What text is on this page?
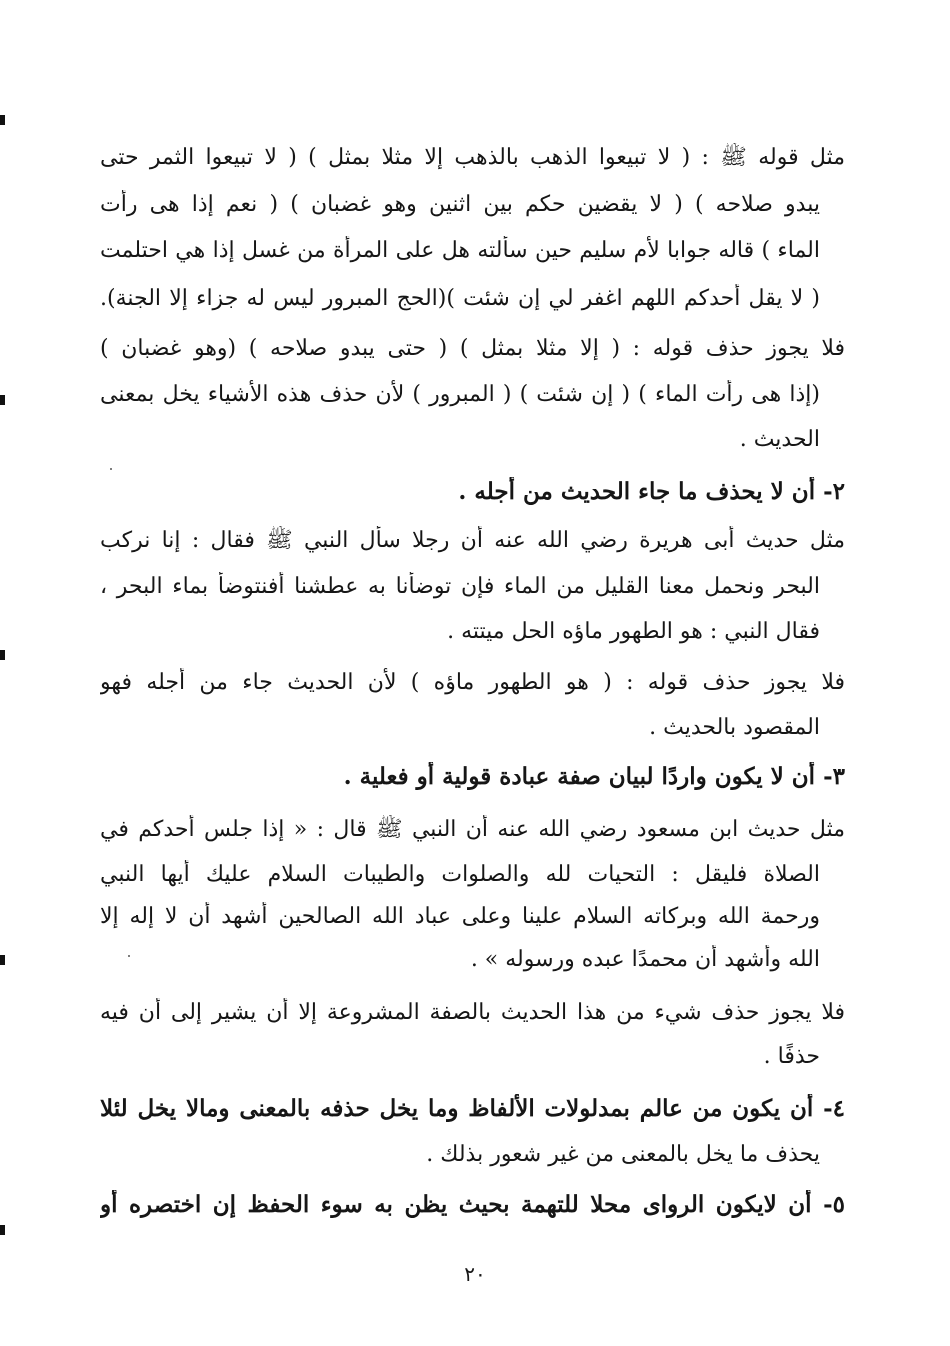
مثل قوله ﷺ : ( لا تبيعوا الذهب بالذهب إلا مثلا بمثل ) ( لا تبيعوا الثمر حتى
يبدو صلاحه ) ( لا يقضين حكم بين اثنين وهو غضبان ) ( نعم إذا هى رأت
الماء ) قاله جوابا لأم سليم حين سألته هل على المرأة من غسل إذا هي احتلمت
( لا يقل أحدكم اللهم اغفر لي إن شئت )(الحج المبرور ليس له جزاء إلا الجنة).
فلا يجوز حذف قوله : ( إلا مثلا بمثل ) ( حتى يبدو صلاحه ) (وهو غضبان )
(إذا هى رأت الماء ) ( إن شئت ) ( المبرور ) لأن حذف هذه الأشياء يخل بمعنى
الحديث .
٢- أن لا يحذف ما جاء الحديث من أجله .
مثل حديث أبى هريرة رضي الله عنه أن رجلا سأل النبي ﷺ فقال : إنا نركب
البحر ونحمل معنا القليل من الماء فإن توضأنا به عطشنا أفنتوضأ بماء البحر ،
فقال النبي : هو الطهور ماؤه الحل ميتته .
فلا يجوز حذف قوله : ( هو الطهور ماؤه ) لأن الحديث جاء من أجله فهو
المقصود بالحديث .
٣- أن لا يكون واردًا لبيان صفة عبادة قولية أو فعلية .
مثل حديث ابن مسعود رضي الله عنه أن النبي ﷺ قال : « إذا جلس أحدكم في
الصلاة فليقل : التحيات لله والصلوات والطيبات السلام عليك أيها النبي
ورحمة الله وبركاته السلام علينا وعلى عباد الله الصالحين أشهد أن لا إله إلا
الله وأشهد أن محمدًا عبده ورسوله » .
فلا يجوز حذف شيء من هذا الحديث بالصفة المشروعة إلا أن يشير إلى أن فيه
حذفًا .
٤- أن يكون من عالم بمدلولات الألفاظ وما يخل حذفه بالمعنى ومالا يخل لئلا
يحذف ما يخل بالمعنى من غير شعور بذلك .
٥- أن لايكون الرواى محلا للتهمة بحيث يظن به سوء الحفظ إن اختصره أو
٢٠
